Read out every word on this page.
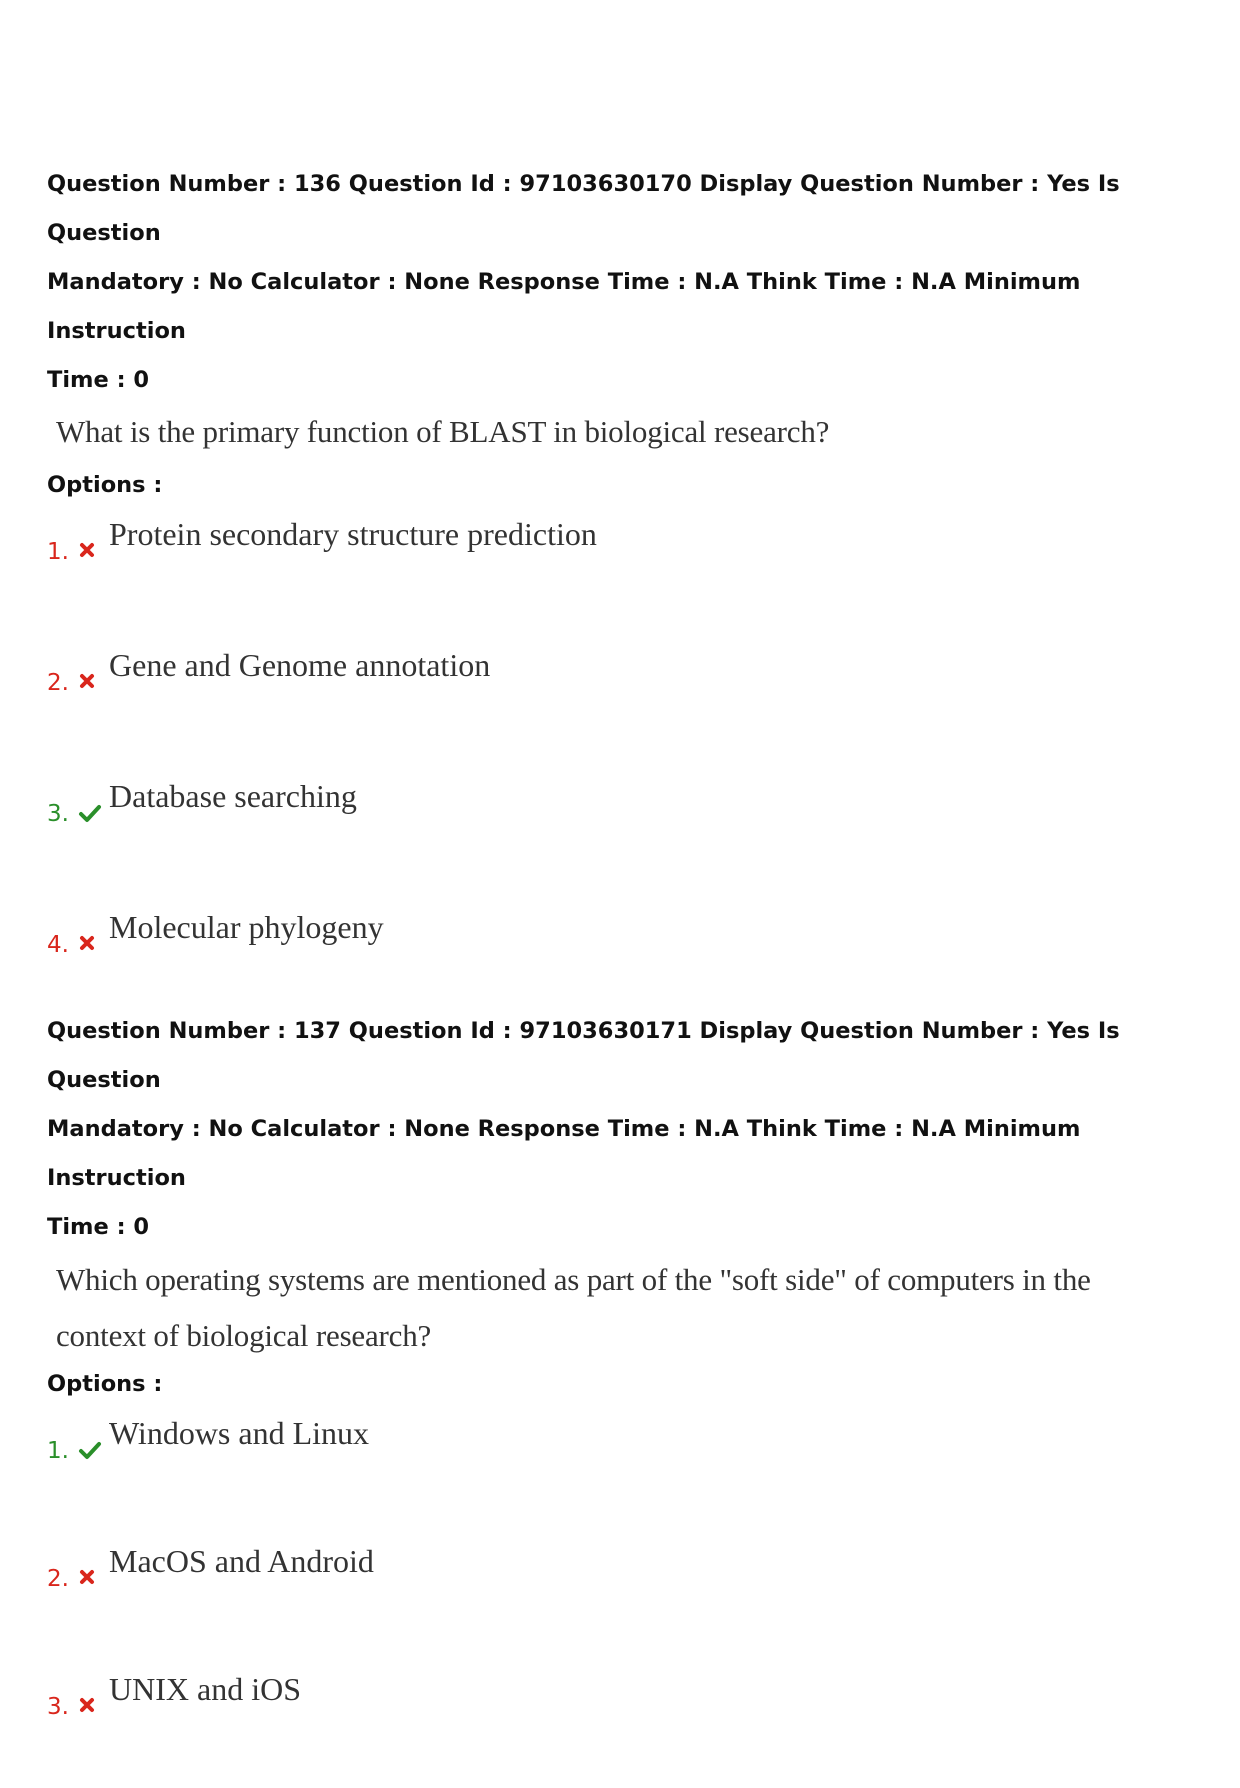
Question Number : 136 Question Id : 97103630170 Display Question Number : Yes Is Question

Mandatory : No Calculator : None Response Time : N.A Think Time : N.A Minimum Instruction

Time : 0

What is the primary function of BLAST in biological research?

Options :

1. Protein secondary structure prediction
2. Gene and Genome annotation
3. Database searching
4. Molecular phylogeny

Question Number : 137 Question Id : 97103630171 Display Question Number : Yes Is Question

Mandatory : No Calculator : None Response Time : N.A Think Time : N.A Minimum Instruction

Time : 0

Which operating systems are mentioned as part of the "soft side" of computers in the

context of biological research?

Options :

1. Windows and Linux
2. MacOS and Android
3. UNIX and iOS
